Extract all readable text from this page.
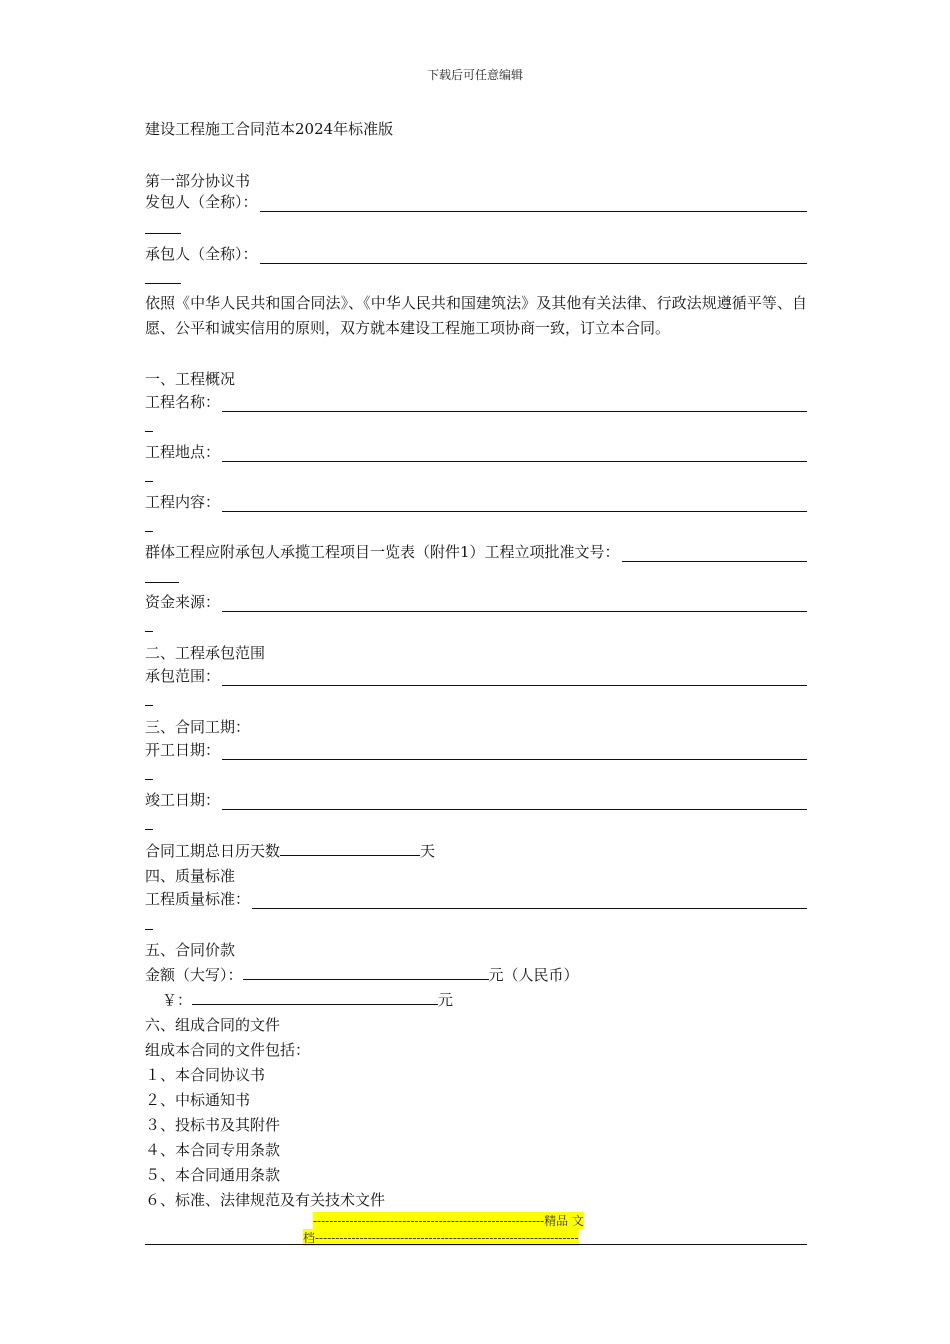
下载后可任意编辑
建设工程施工合同范本2024年标准版
第一部分协议书
发包人（全称）：
承包人（全称）：
依照《中华人民共和国合同法》、《中华人民共和国建筑法》及其他有关法律、行政法规遵循平等、自愿、公平和诚实信用的原则，双方就本建设工程施工项协商一致，订立本合同。
一、工程概况
工程名称：
工程地点：
工程内容：
群体工程应附承包人承揽工程项目一览表（附件1）工程立项批准文号：
资金来源：
二、工程承包范围
承包范围：
三、合同工期：
开工日期：
竣工日期：
合同工期总日历天数	天
四、质量标准
工程质量标准：
五、合同价款
金额（大写）：	元（人民币）
￥：	元
六、组成合同的文件
组成本合同的文件包括：
１、本合同协议书
２、中标通知书
３、投标书及其附件
４、本合同专用条款
５、本合同通用条款
６、标准、法律规范及有关技术文件
---------------------------------------------------------精品 文
档-----------------------------------------------------------------
